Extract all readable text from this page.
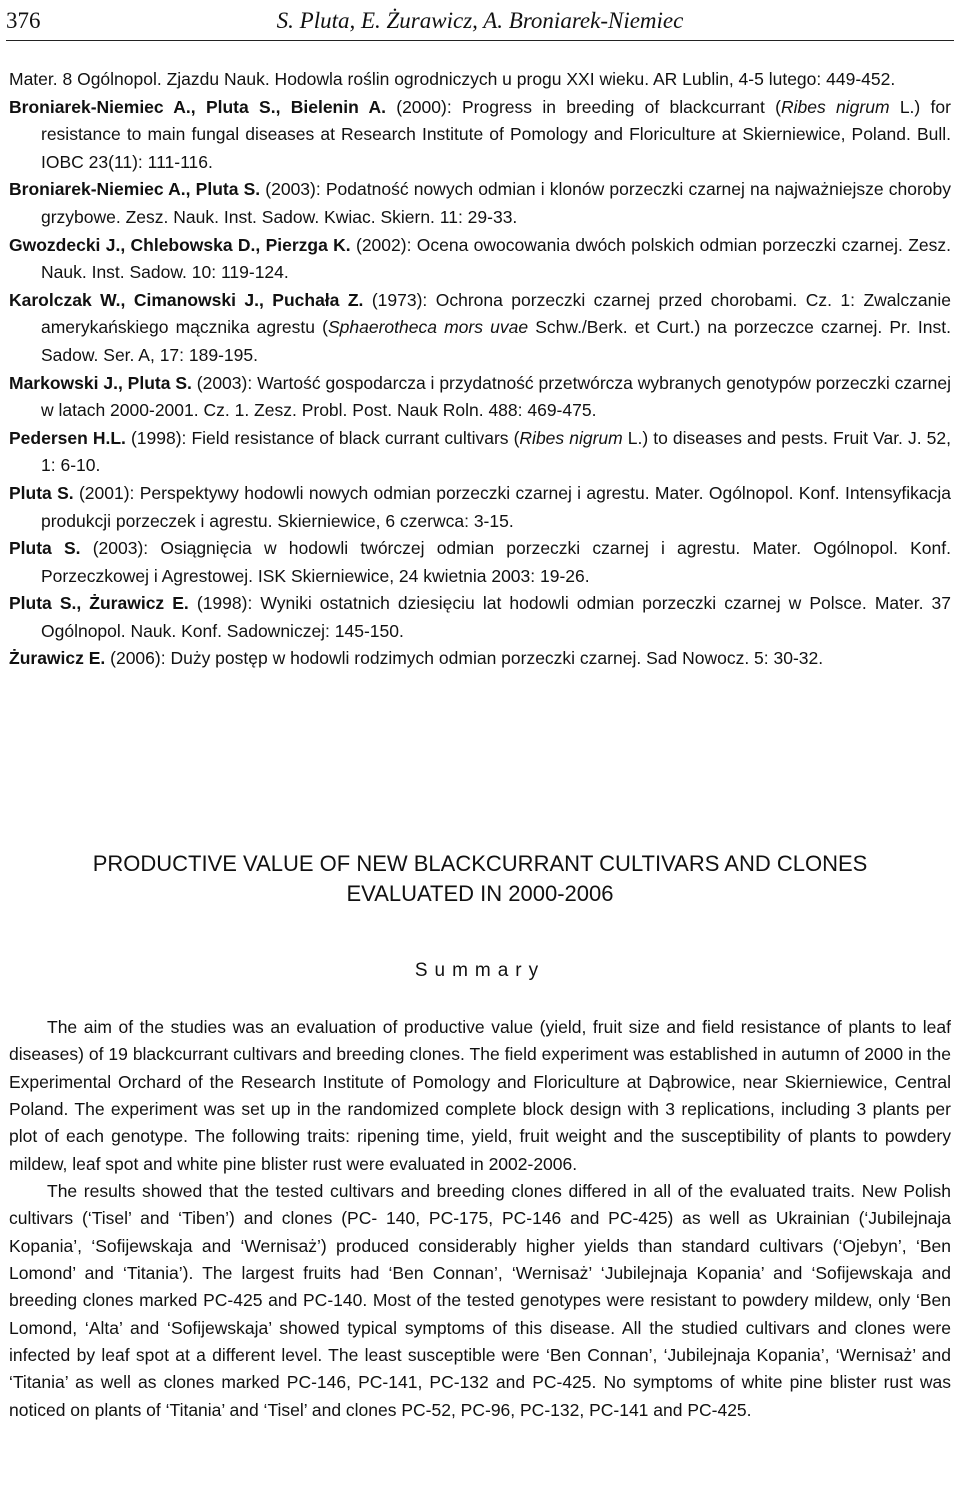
376	S. Pluta, E. Żurawicz, A. Broniarek-Niemiec
Mater. 8 Ogólnopol. Zjazdu Nauk. Hodowla roślin ogrodniczych u progu XXI wieku. AR Lublin, 4-5 lutego: 449-452.
Broniarek-Niemiec A., Pluta S., Bielenin A. (2000): Progress in breeding of blackcurrant (Ribes nigrum L.) for resistance to main fungal diseases at Research Institute of Pomology and Floriculture at Skierniewice, Poland. Bull. IOBC 23(11): 111-116.
Broniarek-Niemiec A., Pluta S. (2003): Podatność nowych odmian i klonów porzeczki czarnej na najważniejsze choroby grzybowe. Zesz. Nauk. Inst. Sadow. Kwiac. Skiern. 11: 29-33.
Gwozdecki J., Chlebowska D., Pierzga K. (2002): Ocena owocowania dwóch polskich odmian porzeczki czarnej. Zesz. Nauk. Inst. Sadow. 10: 119-124.
Karolczak W., Cimanowski J., Puchała Z. (1973): Ochrona porzeczki czarnej przed chorobami. Cz. 1: Zwalczanie amerykańskiego mącznika agrestu (Sphaerotheca mors uvae Schw./Berk. et Curt.) na porzeczce czarnej. Pr. Inst. Sadow. Ser. A, 17: 189-195.
Markowski J., Pluta S. (2003): Wartość gospodarcza i przydatność przetwórcza wybranych genotypów porzeczki czarnej w latach 2000-2001. Cz. 1. Zesz. Probl. Post. Nauk Roln. 488: 469-475.
Pedersen H.L. (1998): Field resistance of black currant cultivars (Ribes nigrum L.) to diseases and pests. Fruit Var. J. 52, 1: 6-10.
Pluta S. (2001): Perspektywy hodowli nowych odmian porzeczki czarnej i agrestu. Mater. Ogólnopol. Konf. Intensyfikacja produkcji porzeczek i agrestu. Skierniewice, 6 czerwca: 3-15.
Pluta S. (2003): Osiągnięcia w hodowli twórczej odmian porzeczki czarnej i agrestu. Mater. Ogólnopol. Konf. Porzeczkowej i Agrestowej. ISK Skierniewice, 24 kwietnia 2003: 19-26.
Pluta S., Żurawicz E. (1998): Wyniki ostatnich dziesięciu lat hodowli odmian porzeczki czarnej w Polsce. Mater. 37 Ogólnopol. Nauk. Konf. Sadowniczej: 145-150.
Żurawicz E. (2006): Duży postęp w hodowli rodzimych odmian porzeczki czarnej. Sad Nowocz. 5: 30-32.
PRODUCTIVE VALUE OF NEW BLACKCURRANT CULTIVARS AND CLONES
EVALUATED IN 2000-2006
Summary

The aim of the studies was an evaluation of productive value (yield, fruit size and field resistance of plants to leaf diseases) of 19 blackcurrant cultivars and breeding clones. The field experiment was established in autumn of 2000 in the Experimental Orchard of the Research Institute of Pomology and Floriculture at Dąbrowice, near Skierniewice, Central Poland. The experiment was set up in the randomized complete block design with 3 replications, including 3 plants per plot of each genotype. The following traits: ripening time, yield, fruit weight and the susceptibility of plants to powdery mildew, leaf spot and white pine blister rust were evaluated in 2002-2006.

The results showed that the tested cultivars and breeding clones differed in all of the evaluated traits. New Polish cultivars (‘Tisel’ and ‘Tiben’) and clones (PC- 140, PC-175, PC-146 and PC-425) as well as Ukrainian (‘Jubilejnaja Kopania’, ‘Sofijewskaja and ‘Wernisaż’) produced considerably higher yields than standard cultivars (‘Ojebyn’, ‘Ben Lomond’ and ‘Titania’). The largest fruits had ‘Ben Connan’, ‘Wernisaż’ ‘Jubilejnaja Kopania’ and ‘Sofijewskaja and breeding clones marked PC-425 and PC-140. Most of the tested genotypes were resistant to powdery mildew, only ‘Ben Lomond, ‘Alta’ and ‘Sofijewskaja’ showed typical symptoms of this disease. All the studied cultivars and clones were infected by leaf spot at a different level. The least susceptible were ‘Ben Connan’, ‘Jubilejnaja Kopania’, ‘Wernisaż’ and ‘Titania’ as well as clones marked PC-146, PC-141, PC-132 and PC-425. No symptoms of white pine blister rust was noticed on plants of ‘Titania’ and ‘Tisel’ and clones PC-52, PC-96, PC-132, PC-141 and PC-425.
